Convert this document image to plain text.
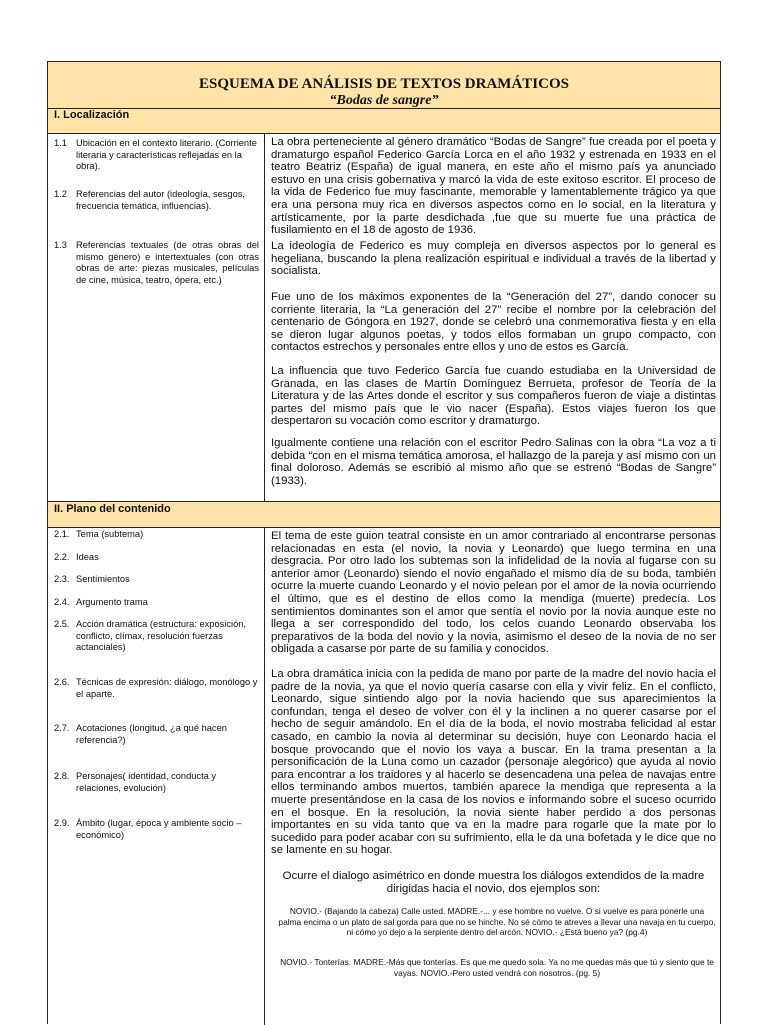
ESQUEMA DE ANÁLISIS DE TEXTOS DRAMÁTICOS
“Bodas de sangre”
I. Localización
1.1 Ubicación en el contexto literario. (Corriente literaria y características reflejadas en la obra).
1.2 Referencias del autor (ideología, sesgos, frecuencia temática, influencias).
1.3 Referencias textuales (de otras obras del mismo género) e intertextuales (con otras obras de arte: piezas musicales, películas de cine, música, teatro, ópera, etc.)
La obra perteneciente al género dramático “Bodas de Sangre” fue creada por el poeta y dramaturgo español Federico García Lorca en el año 1932 y estrenada en 1933 en el teatro Beatriz (España) de igual manera, en este año el mismo país ya anunciado estuvo en una crisis gobernativa y marcó la vida de este exitoso escritor. El proceso de la vida de Federico fue muy fascinante, memorable y lamentablemente trágico ya que era una persona muy rica en diversos aspectos como en lo social, en la literatura y artísticamente, por la parte desdichada ,fue que su muerte fue una práctica de fusilamiento en el 18 de agosto de 1936.
La ideología de Federico es muy compleja en diversos aspectos por lo general es hegeliana, buscando la plena realización espiritual e individual a través de la libertad y socialista.
Fue uno de los máximos exponentes de la “Generación del 27”, dando conocer su corriente literaria, la “La generación del 27” recibe el nombre por la celebración del centenario de Góngora en 1927, donde se celebró una conmemorativa fiesta y en ella se dieron lugar algunos poetas, y todos ellos formaban un grupo compacto, con contactos estrechos y personales entre ellos y uno de estos es García.
La influencia que tuvo Federico García fue cuando estudiaba en la Universidad de Granada, en las clases de Martín Domínguez Berrueta, profesor de Teoría de la Literatura y de las Artes donde el escritor y sus compañeros fueron de viaje a distintas partes del mismo país que le vio nacer (España). Estos viajes fueron los que despertaron su vocación como escritor y dramaturgo.
Igualmente contiene una relación con el escritor Pedro Salinas con la obra “La voz a ti debida “con en el misma temática amorosa, el hallazgo de la pareja y así mismo con un final doloroso. Además se escribió al mismo año que se estrenó “Bodas de Sangre” (1933).
II. Plano del contenido
2.1. Tema (subtema)
2.2. Ideas
2.3. Sentimientos
2.4. Argumento trama
2.5. Acción dramática (estructura: exposición, conflicto, clímax, resolución fuerzas actanciales)
2.6. Técnicas de expresión: diálogo, monólogo y el aparte.
2.7. Acotaciones (longitud, ¿a qué hacen referencia?)
2.8. Personajes( identidad, conducta y relaciones, evolución)
2.9. Ámbito (lugar, época y ambiente socio – económico)
El tema de este guion teatral consiste en un amor contrariado al encontrarse personas relacionadas en esta (el novio, la novia y Leonardo) que luego termina en una desgracia. Por otro lado los subtemas son la infidelidad de la novia al fugarse con su anterior amor (Leonardo) siendo el novio engañado el mismo día de su boda, también ocurre la muerte cuando Leonardo y el novio pelean por el amor de la novia ocurriendo el último, que es el destino de ellos como la mendiga (muerte) predecía. Los sentimientos dominantes son el amor que sentía el novio por la novia aunque este no llega a ser correspondido del todo, los celos cuando Leonardo observaba los preparativos de la boda del novio y la novia, asimismo el deseo de la novia de no ser obligada a casarse por parte de su familia y conocidos.
La obra dramática inicia con la pedida de mano por parte de la madre del novio hacia el padre de la novia, ya que el novio quería casarse con ella y vivir feliz. En el conflicto, Leonardo, sigue sintiendo algo por la novia haciendo que sus aparecimientos la confundan, tenga el deseo de volver con él y la inclinen a no querer casarse por el hecho de seguir amándolo. En el día de la boda, el novio mostraba felicidad al estar casado, en cambio la novia al determinar su decisión, huye con Leonardo hacia el bosque provocando que el novio los vaya a buscar. En la trama presentan a la personificación de la Luna como un cazador (personaje alegórico) que ayuda al novio para encontrar a los traidores y al hacerlo se desencadena una pelea de navajas entre ellos terminando ambos muertos, también aparece la mendiga que representa a la muerte presentándose en la casa de los novios e informando sobre el suceso ocurrido en el bosque. En la resolución, la novia siente haber perdido a dos personas importantes en su vida tanto que va en la madre para rogarle que la mate por lo sucedido para poder acabar con su sufrimiento, ella le da una bofetada y le dice que no se lamente en su hogar.
Ocurre el dialogo asimétrico en donde muestra los diálogos extendidos de la madre dirigidas hacia el novio, dos ejemplos son:
NOVIO.- (Bajando la cabeza) Calle usted. MADRE.-... y ese hombre no vuelve. O si vuelve es para ponerle una palma encima o un plato de sal gorda para que no se hinche. No sé cómo te atreves a llevar una navaja en tu cuerpo, ni cómo yo dejo a la serpiente dentro del arcón. NOVIO.- ¿Está bueno ya? (pg.4)
NOVIO.- Tonterías. MADRE.-Más que tonterías. Es que me quedo sola. Ya no me quedas más que tú y siento que te vayas. NOVIO.-Pero usted vendrá con nosotros. (pg. 5)
